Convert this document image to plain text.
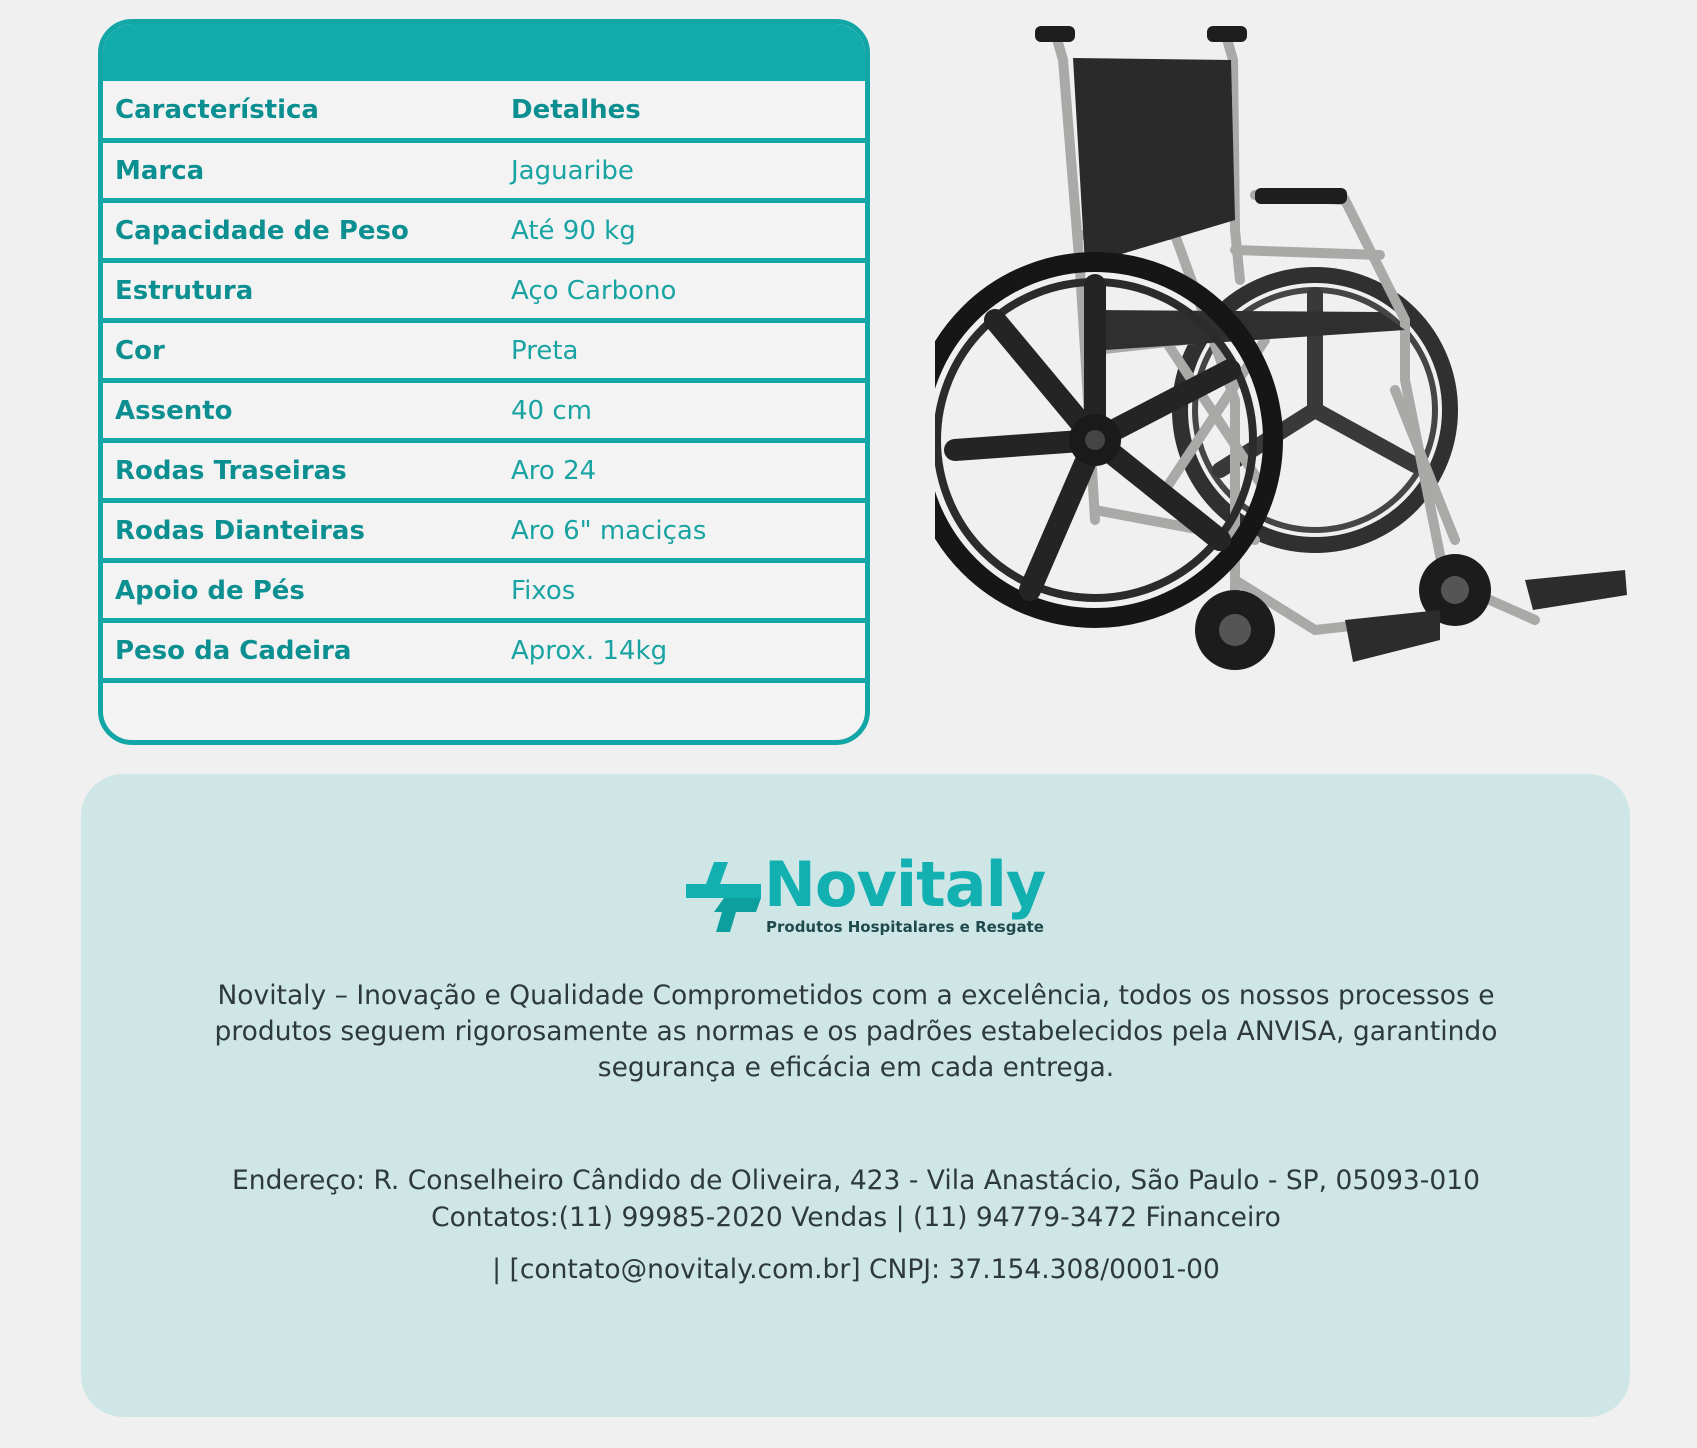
Característica	Detalhes
Marca	Jaguaribe
Capacidade de Peso	Até 90 kg
Estrutura	Aço Carbono
Cor	Preta
Assento	40 cm
Rodas Traseiras	Aro 24
Rodas Dianteiras	Aro 6" maciças
Apoio de Pés	Fixos
Peso da Cadeira	Aprox. 14kg
Novitaly
Produtos Hospitalares e Resgate
Novitaly – Inovação e Qualidade Comprometidos com a excelência, todos os nossos processos e
produtos seguem rigorosamente as normas e os padrões estabelecidos pela ANVISA, garantindo
segurança e eficácia em cada entrega.
Endereço: R. Conselheiro Cândido de Oliveira, 423 - Vila Anastácio, São Paulo - SP, 05093-010
Contatos:(11) 99985-2020 Vendas | (11) 94779-3472 Financeiro
| [contato@novitaly.com.br] CNPJ: 37.154.308/0001-00
